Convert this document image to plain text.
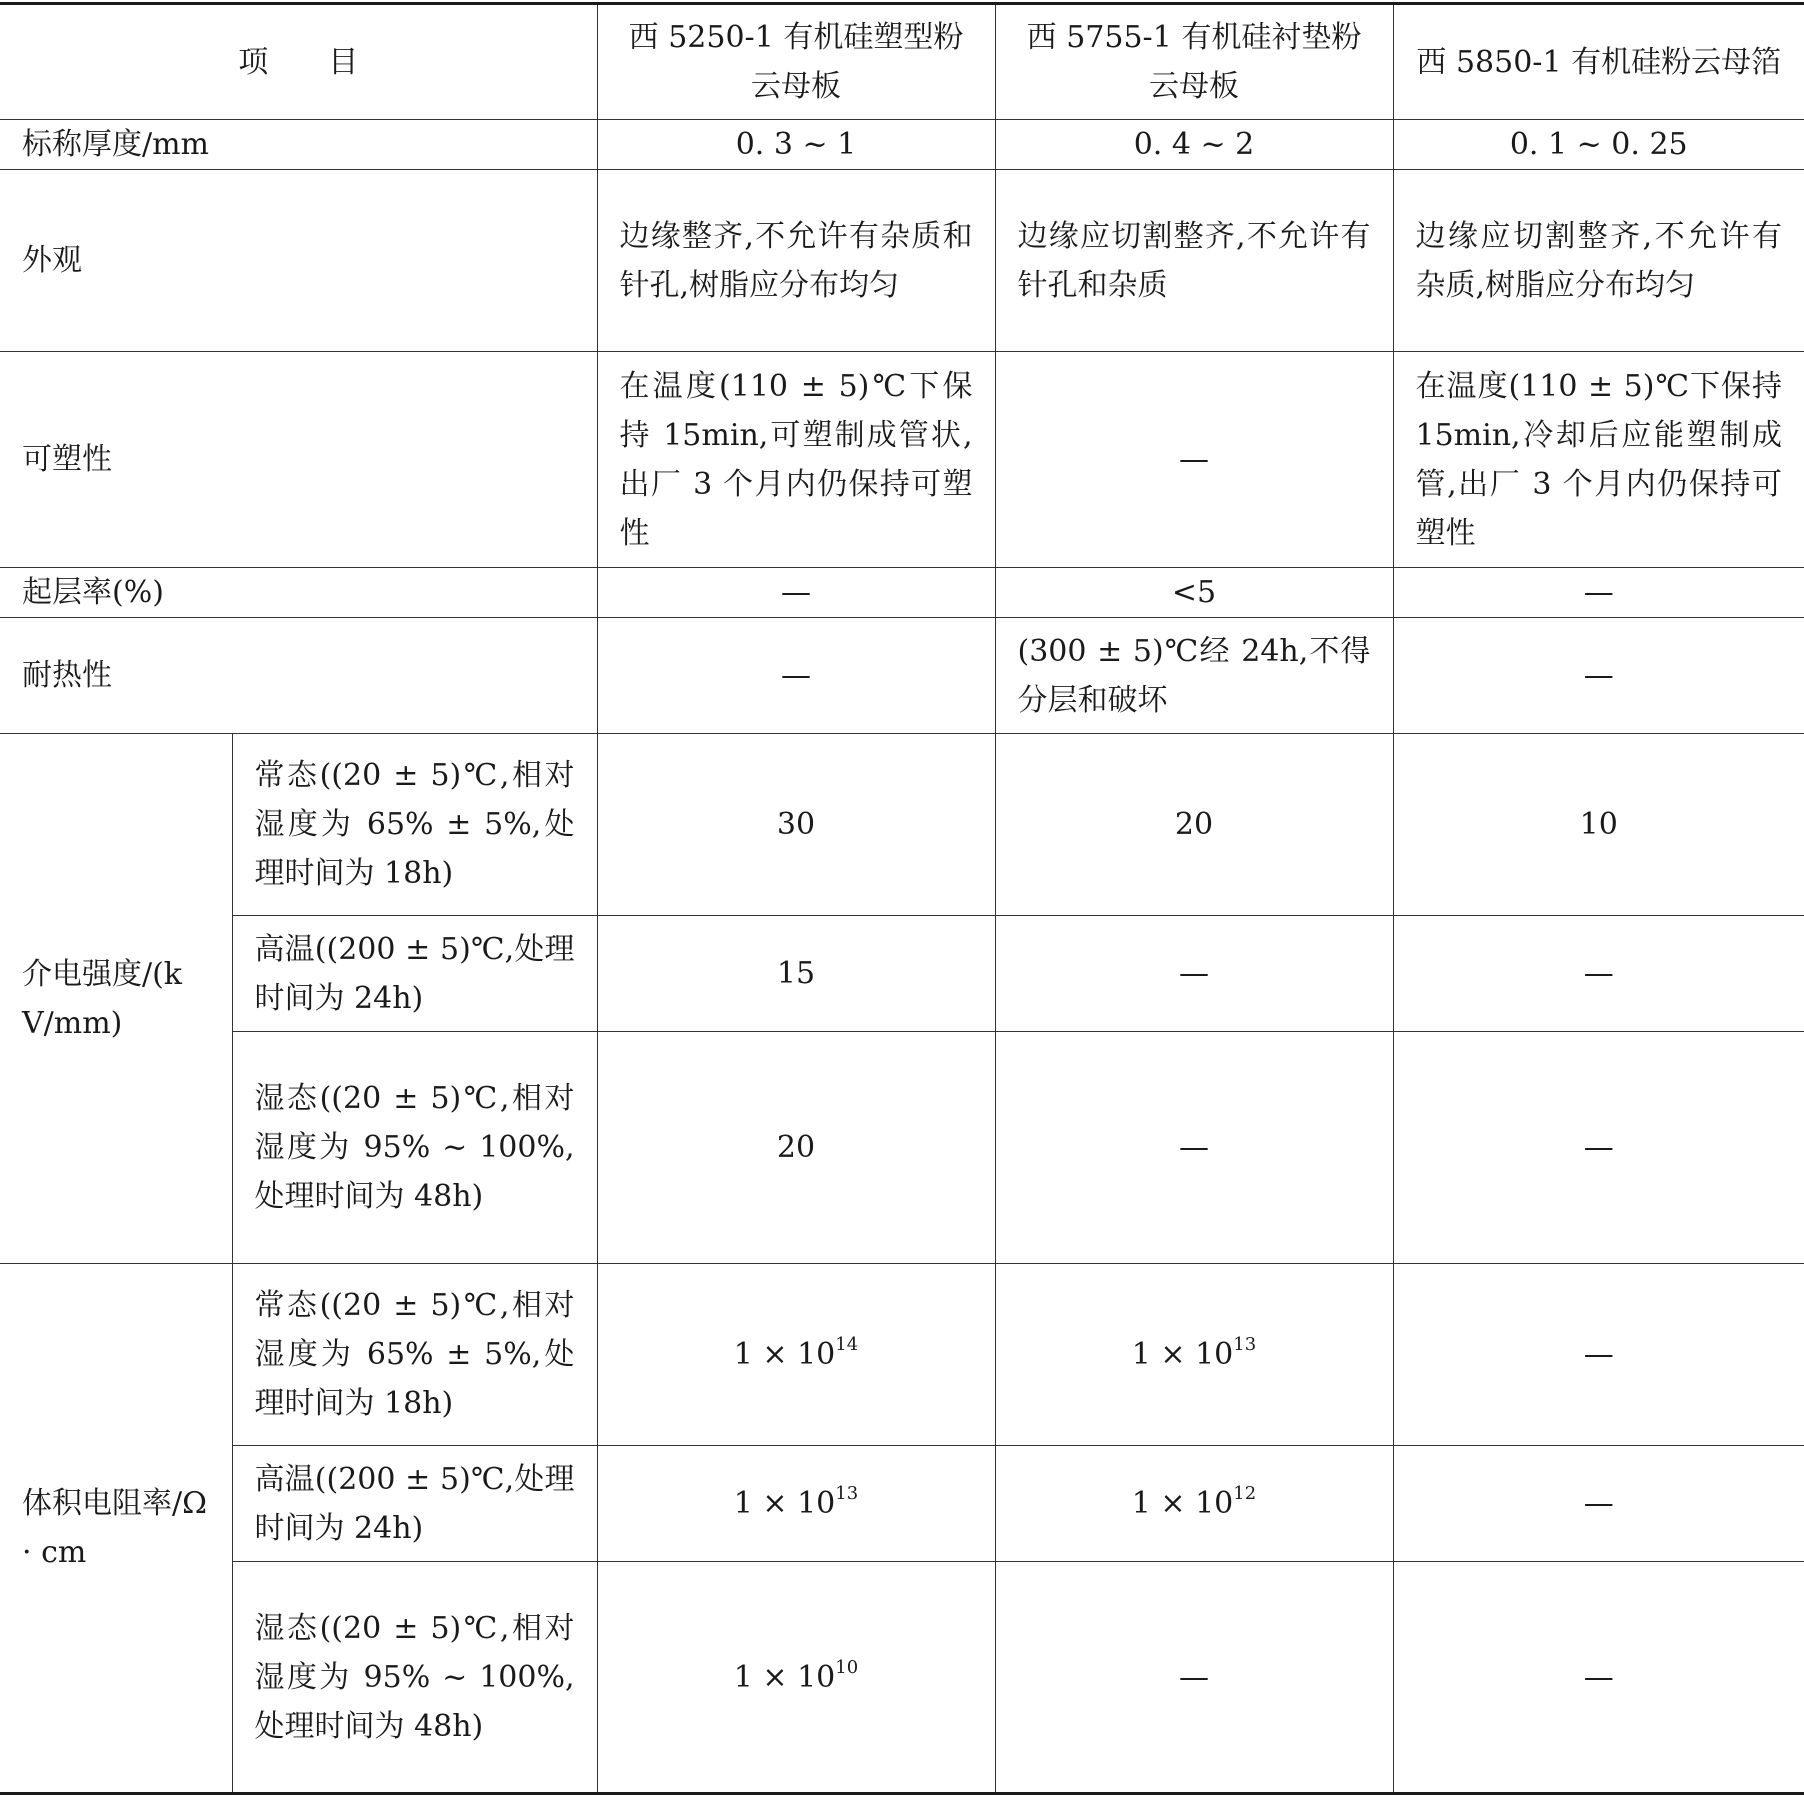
项目		西 5250-1 有机硅塑型粉云母板	西 5755-1 有机硅衬垫粉云母板	西 5850-1 有机硅粉云母箔
标称厚度/mm		0. 3 ~ 1	0. 4 ~ 2	0. 1 ~ 0. 25
外观		边缘整齐,不允许有杂质和针孔,树脂应分布均匀	边缘应切割整齐,不允许有针孔和杂质	边缘应切割整齐,不允许有杂质,树脂应分布均匀
可塑性		在温度(110 ± 5)℃下保持 15min,可塑制成管状,出厂 3 个月内仍保持可塑性	—	在温度(110 ± 5)℃下保持 15min,冷却后应能塑制成管,出厂 3 个月内仍保持可塑性
起层率(%)		—	<5	—
耐热性		—	(300 ± 5)℃经 24h,不得分层和破坏	—
介电强度/(kV/mm)	常态((20 ± 5)℃,相对湿度为 65% ± 5%,处理时间为 18h)	30	20	10
	高温((200 ± 5)℃,处理时间为 24h)	15	—	—
	湿态((20 ± 5)℃,相对湿度为 95% ~ 100%,处理时间为 48h)	20	—	—
体积电阻率/Ω · cm	常态((20 ± 5)℃,相对湿度为 65% ± 5%,处理时间为 18h)	$1 \times 10^{14}$	$1 \times 10^{13}$	—
	高温((200 ± 5)℃,处理时间为 24h)	$1 \times 10^{13}$	$1 \times 10^{12}$	—
	湿态((20 ± 5)℃,相对湿度为 95% ~ 100%,处理时间为 48h)	$1 \times 10^{10}$	—	—
